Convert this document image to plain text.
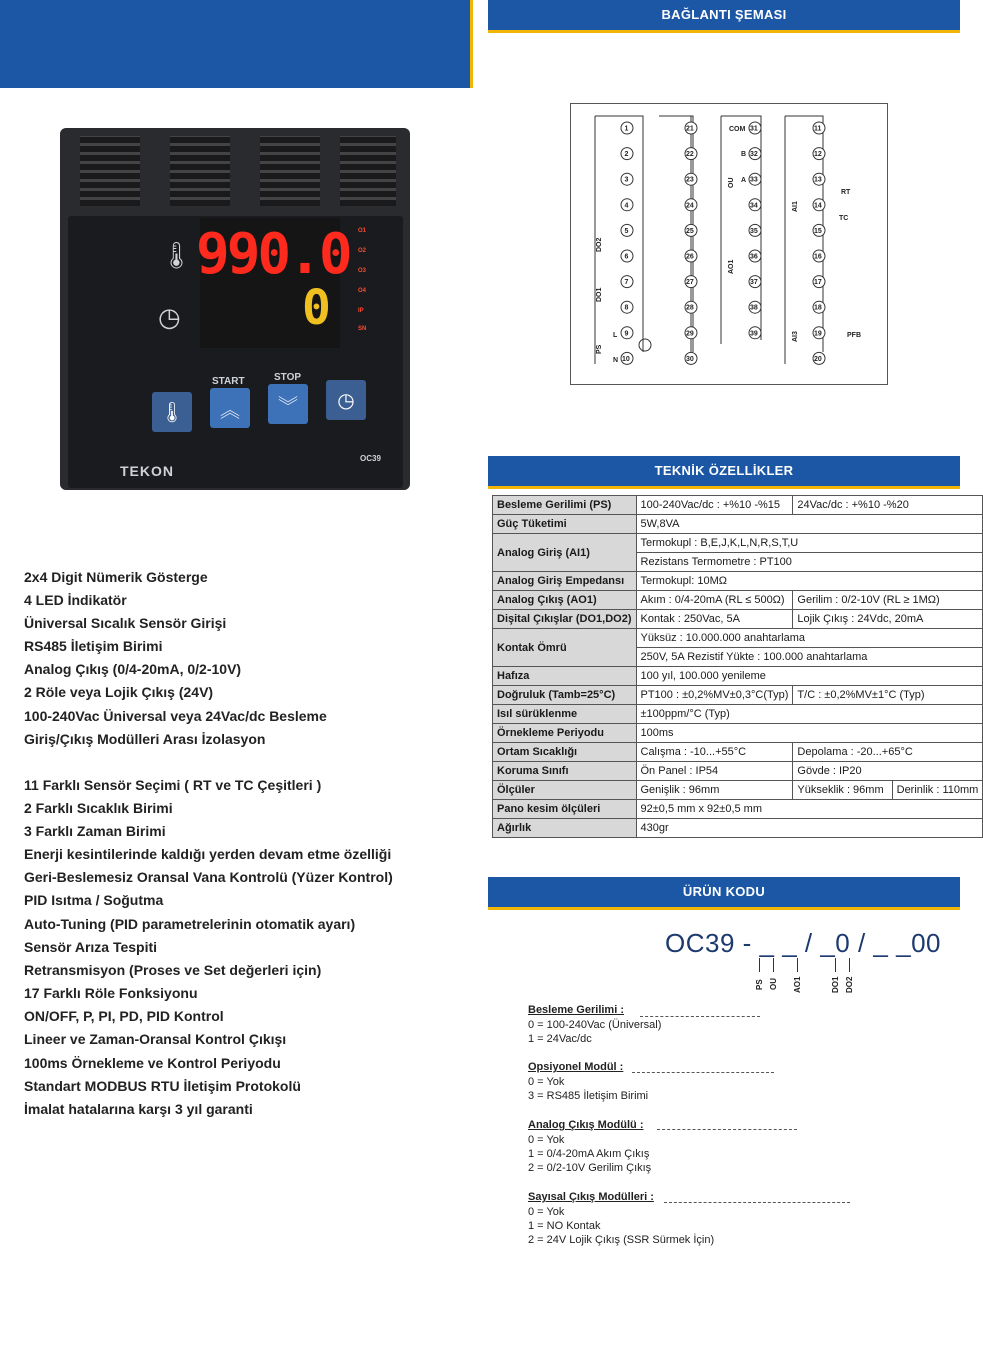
BAĞLANTI ŞEMASI
TEKNİK ÖZELLİKLER
ÜRÜN KODU
990.0
0
O1
O2
O3
O4
IP
SN
🌡
◷
START	STOP
🌡 ︽ ︾ ◷
TEKON
OC39
2x4 Digit Nümerik Gösterge
4 LED İndikatör
Üniversal Sıcalık Sensör Girişi
RS485 İletişim Birimi
Analog Çıkış (0/4-20mA, 0/2-10V)
2 Röle veya Lojik Çıkış (24V)
100-240Vac Üniversal veya 24Vac/dc Besleme
Giriş/Çıkış Modülleri Arası İzolasyon
11 Farklı Sensör Seçimi ( RT ve TC Çeşitleri )
2 Farklı Sıcaklık Birimi
3 Farklı Zaman Birimi
Enerji kesintilerinde kaldığı yerden devam etme özelliği
Geri-Beslemesiz Oransal Vana Kontrolü (Yüzer Kontrol)
PID Isıtma / Soğutma
Auto-Tuning (PID parametrelerinin otomatik ayarı)
Sensör Arıza Tespiti
Retransmisyon (Proses ve Set değerleri için)
17 Farklı Röle Fonksiyonu
ON/OFF, P, PI, PD, PID Kontrol
Lineer ve Zaman-Oransal Kontrol Çıkışı
100ms Örnekleme ve Kontrol Periyodu
Standart MODBUS RTU İletişim Protokolü
İmalat hatalarına karşı 3 yıl garanti
1
2
3
4
5
6
7
8
9
10
21
22
23
24
25
26
27
28
29
30
31
32
33
34
35
36
37
38
39
11
12
13
14
15
16
17
18
19
20
COM
B
A
OU
AO1
DO2
DO1
PS
L
N
AI1
AI3
RT
TC
PFB
Besleme Gerilimi (PS)	100-240Vac/dc : +%10 -%15	24Vac/dc : +%10 -%20
Güç Tüketimi	5W,8VA	
Analog Giriş (AI1)	Termokupl : B,E,J,K,L,N,R,S,T,U	
	Rezistans Termometre : PT100	
Analog Giriş Empedansı	Termokupl: 10MΩ	
Analog Çıkış (AO1)	Akım : 0/4-20mA (RL ≤ 500Ω)	Gerilim : 0/2-10V (RL ≥ 1MΩ)
Dişital Çıkışlar (DO1,DO2)	Kontak : 250Vac, 5A	Lojik Çıkış : 24Vdc, 20mA
Kontak Ömrü	Yüksüz : 10.000.000 anahtarlama	
	250V, 5A Rezistif Yükte : 100.000 anahtarlama	
Hafıza	100 yıl, 100.000 yenileme	
Doğruluk (Tamb=25°C)	PT100 : ±0,2%MV±0,3°C(Typ)	T/C : ±0,2%MV±1°C (Typ)
Isıl sürüklenme	±100ppm/°C (Typ)	
Örnekleme Periyodu	100ms	
Ortam Sıcaklığı	Calışma : -10...+55°C	Depolama : -20...+65°C
Koruma Sınıfı	Ön Panel : IP54	Gövde : IP20
Ölçüler	Genişlik : 96mm	Yükseklik : 96mm Derinlik : 110mm
Pano kesim ölçüleri	92±0,5 mm x 92±0,5 mm	
Ağırlık	430gr	
OC39 - _ _ / _0 / _ _00
PS OU AO1	DO1 DO2
Besleme Gerilimi :
0 = 100-240Vac (Üniversal)
1 = 24Vac/dc
Opsiyonel Modül :
0 = Yok
3 = RS485 İletişim Birimi
Analog Çıkış Modülü :
0 = Yok
1 = 0/4-20mA Akım Çıkış
2 = 0/2-10V Gerilim Çıkış
Sayısal Çıkış Modülleri :
0 = Yok
1 = NO Kontak
2 = 24V Lojik Çıkış (SSR Sürmek İçin)
